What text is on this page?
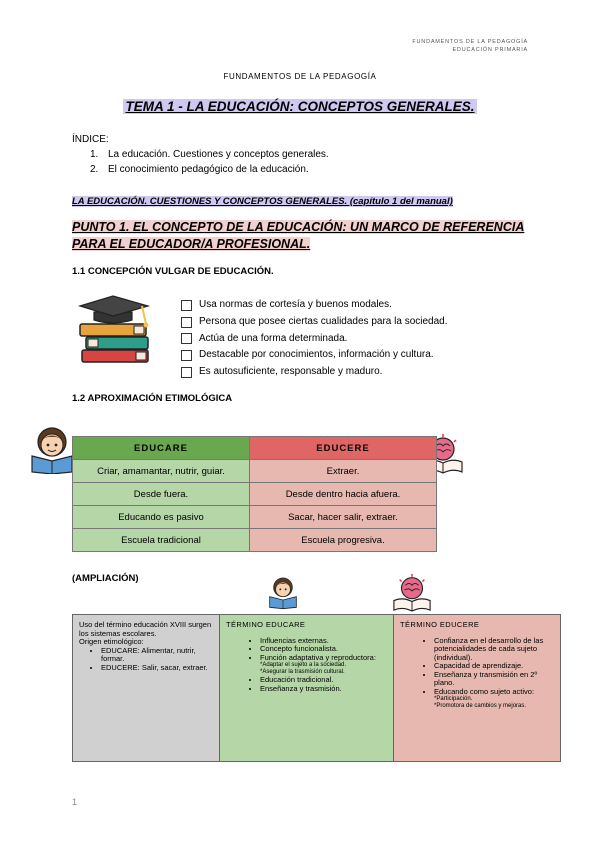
FUNDAMENTOS DE LA PEDAGOGÍA
EDUCACIÓN PRIMARIA
FUNDAMENTOS DE LA PEDAGOGÍA
TEMA 1 - LA EDUCACIÓN: CONCEPTOS GENERALES.
ÍNDICE:
1. La educación. Cuestiones y conceptos generales.
2. El conocimiento pedagógico de la educación.
LA EDUCACIÓN. CUESTIONES Y CONCEPTOS GENERALES. (capítulo 1 del manual)
PUNTO 1. EL CONCEPTO DE LA EDUCACIÓN: UN MARCO DE REFERENCIA PARA EL EDUCADOR/A PROFESIONAL.
1.1 CONCEPCIÓN VULGAR DE EDUCACIÓN.
Usa normas de cortesía y buenos modales.
Persona que posee ciertas cualidades para la sociedad.
Actúa de una forma determinada.
Destacable por conocimientos, información y cultura.
Es autosuficiente, responsable y maduro.
1.2 APROXIMACIÓN ETIMOLÓGICA
EDUCARE	EDUCERE
Criar, amamantar, nutrir, guiar.	Extraer.
Desde fuera.	Desde dentro hacia afuera.
Educando es pasivo	Sacar, hacer salir, extraer.
Escuela tradicional	Escuela progresiva.
(AMPLIACIÓN)
Uso del término educación XVIII surgen los sistemas escolares.
Origen etimológico:
• EDUCARE: Alimentar, nutrir, formar.
• EDUCERE: Salir, sacar, extraer.
TÉRMINO EDUCARE
• Influencias externas.
• Concepto funcionalista.
• Función adaptativa y reproductora:
*Adaptar el sujeto a la sociedad.
*Asegurar la trasmisión cultural.
• Educación tradicional.
• Enseñanza y trasmisión.
TÉRMINO EDUCERE
• Confianza en el desarrollo de las potencialidades de cada sujeto (individual).
• Capacidad de aprendizaje.
• Enseñanza y transmisión en 2º plano.
• Educando como sujeto activo:
*Participación.
*Promotora de cambios y mejoras.
1
